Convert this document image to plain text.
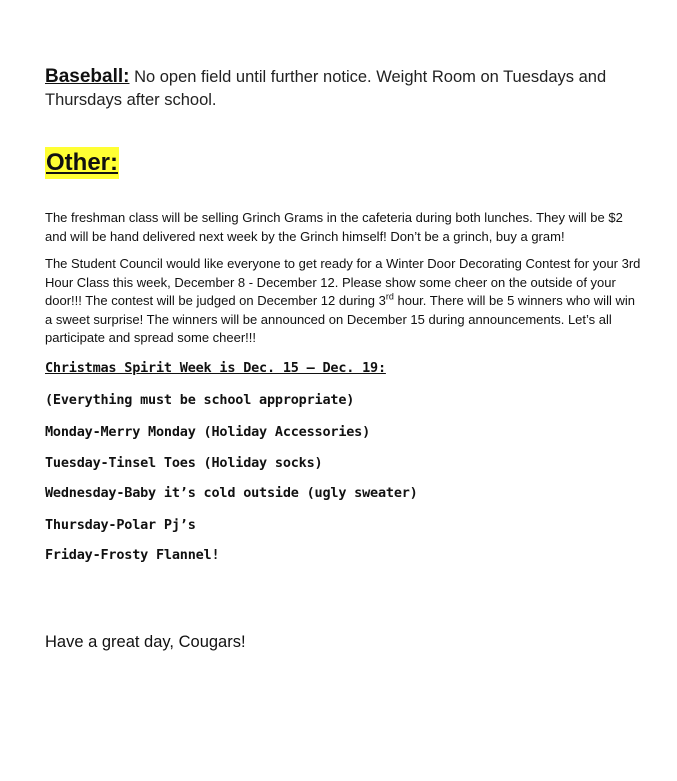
Baseball: No open field until further notice. Weight Room on Tuesdays and Thursdays after school.
Other:
The freshman class will be selling Grinch Grams in the cafeteria during both lunches. They will be $2 and will be hand delivered next week by the Grinch himself! Don’t be a grinch, buy a gram!
The Student Council would like everyone to get ready for a Winter Door Decorating Contest for your 3rd Hour Class this week, December 8 - December 12. Please show some cheer on the outside of your door!!! The contest will be judged on December 12 during 3rd hour. There will be 5 winners who will win a sweet surprise! The winners will be announced on December 15 during announcements. Let’s all participate and spread some cheer!!!
Christmas Spirit Week is Dec. 15 – Dec. 19:
(Everything must be school appropriate)
Monday-Merry Monday (Holiday Accessories)
Tuesday-Tinsel Toes (Holiday socks)
Wednesday-Baby it’s cold outside (ugly sweater)
Thursday-Polar Pj’s
Friday-Frosty Flannel!
Have a great day, Cougars!
